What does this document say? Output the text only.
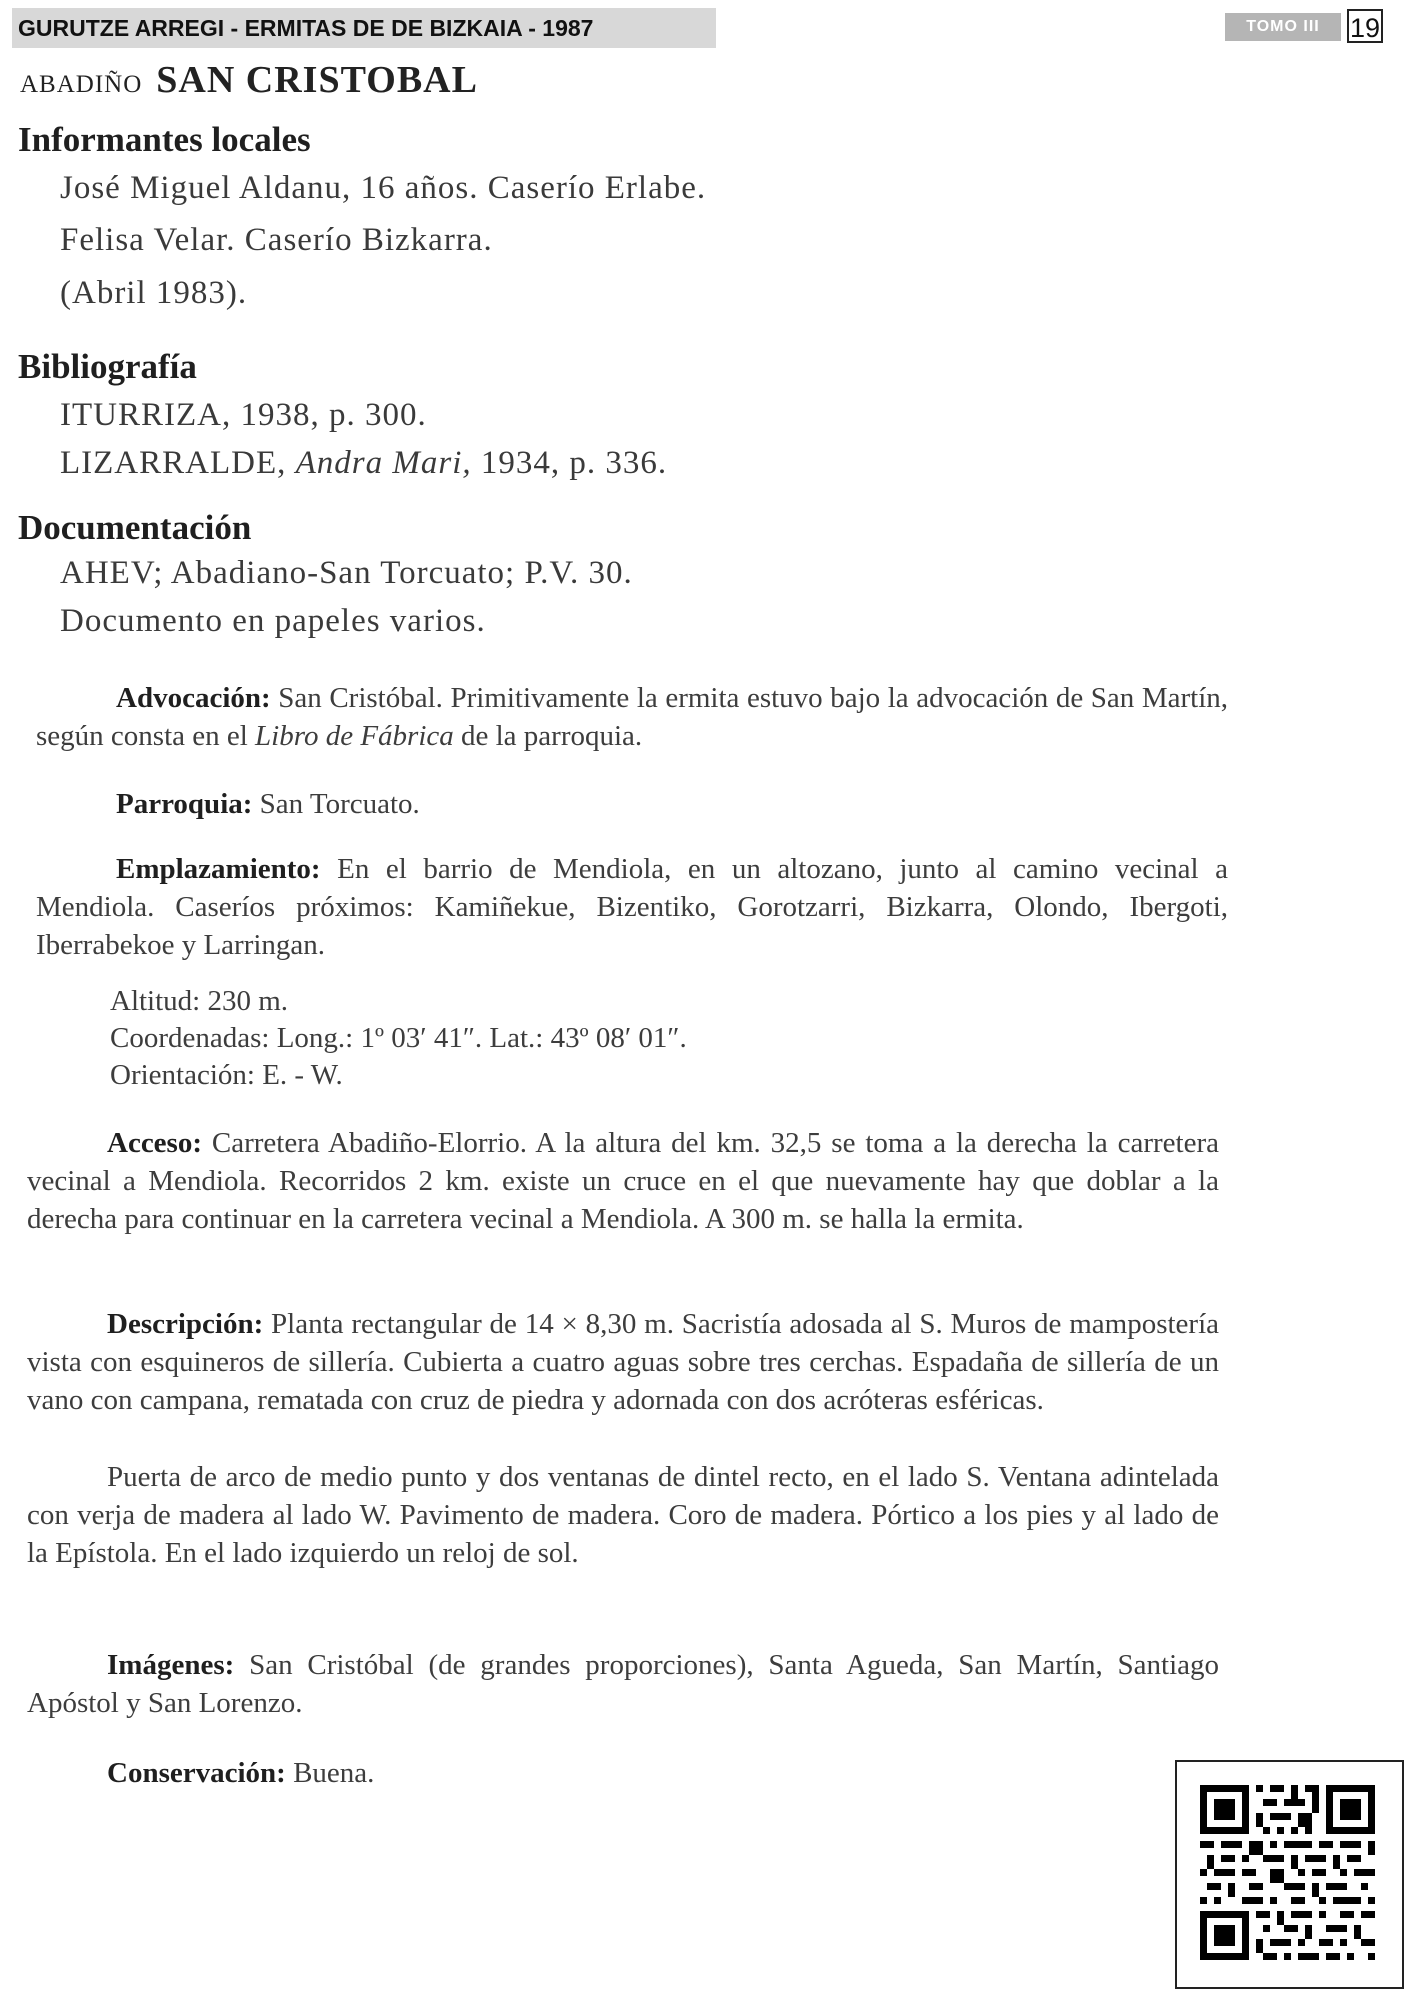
GURUTZE ARREGI - ERMITAS DE DE BIZKAIA - 1987	TOMO III	19
ABADIÑO SAN CRISTOBAL
Informantes locales
José Miguel Aldanu, 16 años. Caserío Erlabe.
Felisa Velar. Caserío Bizkarra.
(Abril 1983).
Bibliografía
ITURRIZA, 1938, p. 300.
LIZARRALDE, Andra Mari, 1934, p. 336.
Documentación
AHEV; Abadiano-San Torcuato; P.V. 30.
Documento en papeles varios.
Advocación: San Cristóbal. Primitivamente la ermita estuvo bajo la advocación de San Martín, según consta en el Libro de Fábrica de la parroquia.
Parroquia: San Torcuato.
Emplazamiento: En el barrio de Mendiola, en un altozano, junto al camino vecinal a Mendiola. Caseríos próximos: Kamiñekue, Bizentiko, Gorotzarri, Bizkarra, Olondo, Ibergoti, Iberrabekoe y Larringan.
Altitud: 230 m.
Coordenadas: Long.: 1º 03′ 41″. Lat.: 43º 08′ 01″.
Orientación: E. - W.
Acceso: Carretera Abadiño-Elorrio. A la altura del km. 32,5 se toma a la derecha la carretera vecinal a Mendiola. Recorridos 2 km. existe un cruce en el que nuevamente hay que doblar a la derecha para continuar en la carretera vecinal a Mendiola. A 300 m. se halla la ermita.
Descripción: Planta rectangular de 14 × 8,30 m. Sacristía adosada al S. Muros de mampostería vista con esquineros de sillería. Cubierta a cuatro aguas sobre tres cerchas. Espadaña de sillería de un vano con campana, rematada con cruz de piedra y adornada con dos acróteras esféricas.
Puerta de arco de medio punto y dos ventanas de dintel recto, en el lado S. Ventana adintelada con verja de madera al lado W. Pavimento de madera. Coro de madera. Pórtico a los pies y al lado de la Epístola. En el lado izquierdo un reloj de sol.
Imágenes: San Cristóbal (de grandes proporciones), Santa Agueda, San Martín, Santiago Apóstol y San Lorenzo.
Conservación: Buena.
